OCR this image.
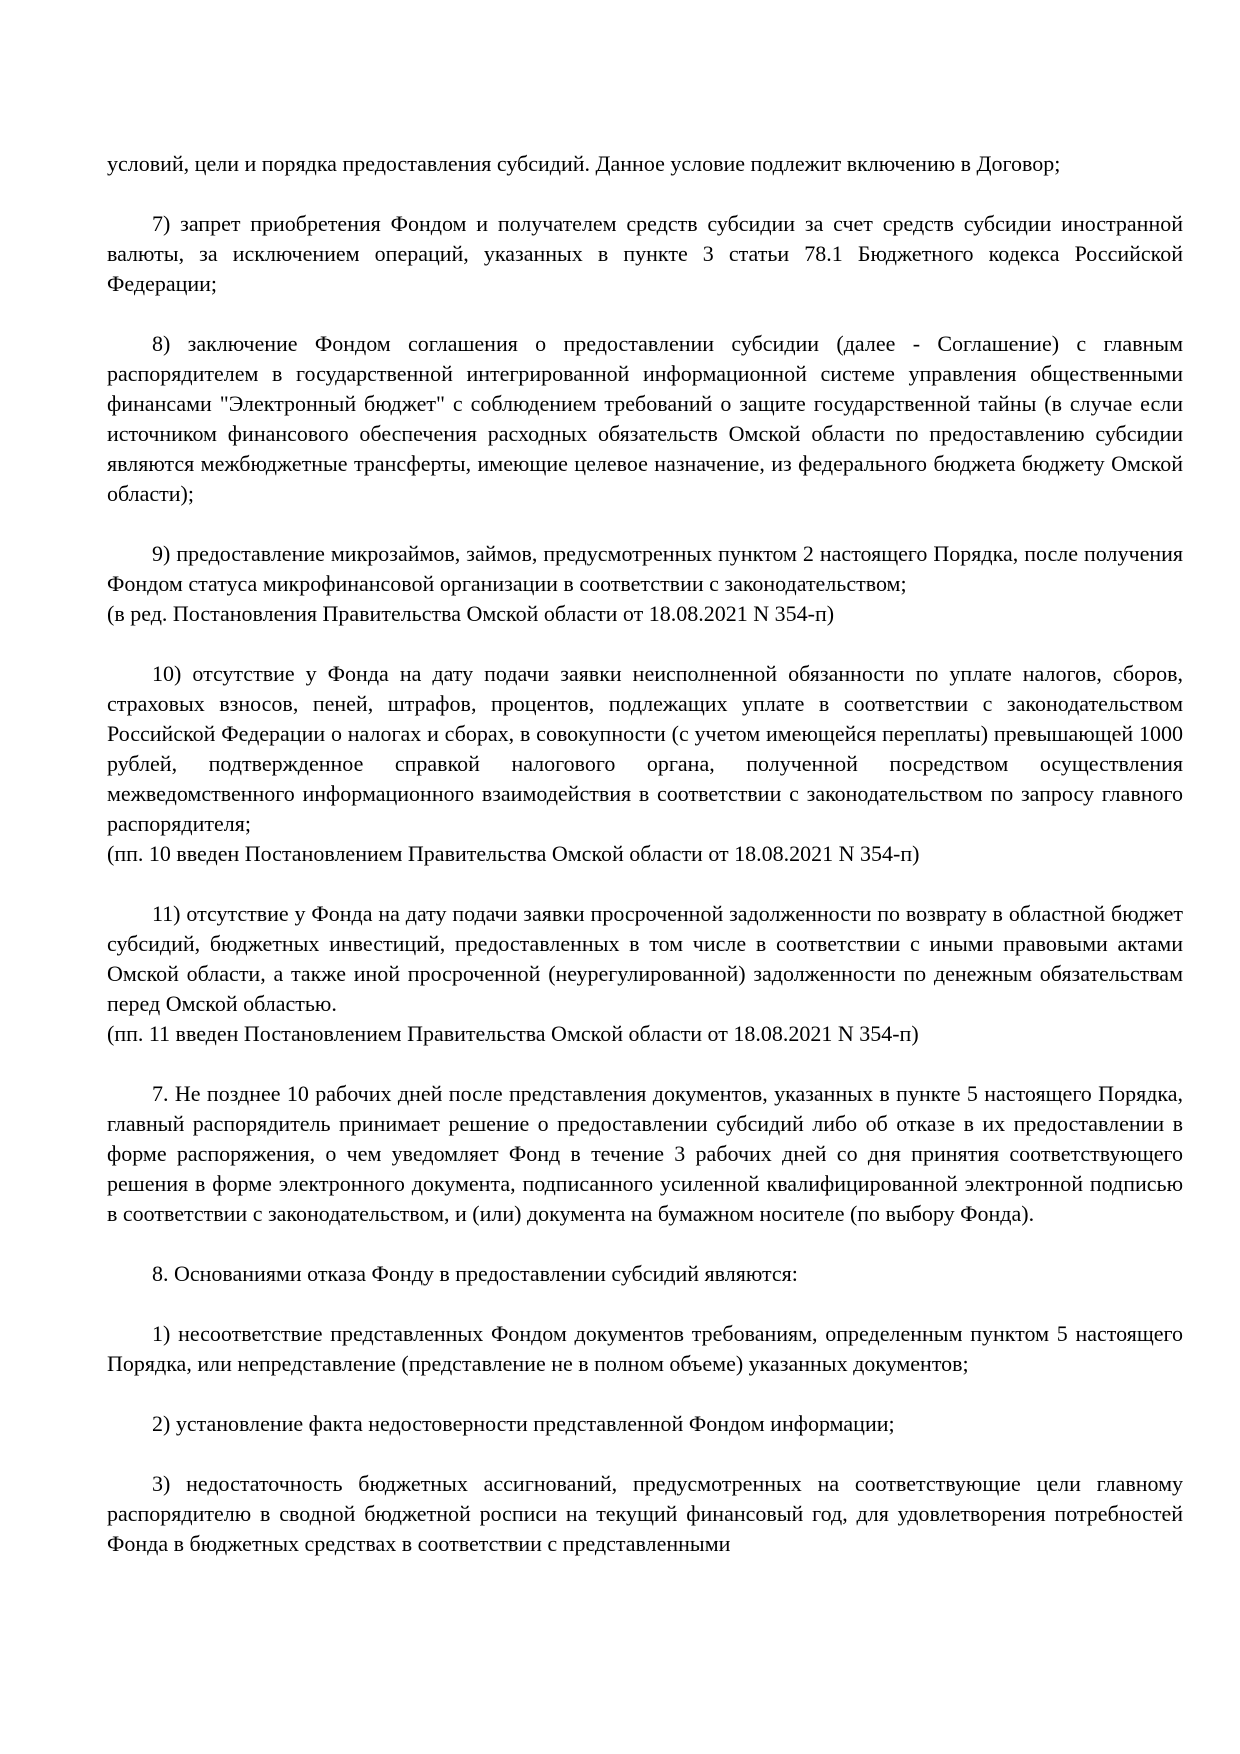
условий, цели и порядка предоставления субсидий. Данное условие подлежит включению в Договор;

7) запрет приобретения Фондом и получателем средств субсидии за счет средств субсидии иностранной валюты, за исключением операций, указанных в пункте 3 статьи 78.1 Бюджетного кодекса Российской Федерации;

8) заключение Фондом соглашения о предоставлении субсидии (далее - Соглашение) с главным распорядителем в государственной интегрированной информационной системе управления общественными финансами "Электронный бюджет" с соблюдением требований о защите государственной тайны (в случае если источником финансового обеспечения расходных обязательств Омской области по предоставлению субсидии являются межбюджетные трансферты, имеющие целевое назначение, из федерального бюджета бюджету Омской области);

9) предоставление микрозаймов, займов, предусмотренных пунктом 2 настоящего Порядка, после получения Фондом статуса микрофинансовой организации в соответствии с законодательством;

(в ред. Постановления Правительства Омской области от 18.08.2021 N 354-п)

10) отсутствие у Фонда на дату подачи заявки неисполненной обязанности по уплате налогов, сборов, страховых взносов, пеней, штрафов, процентов, подлежащих уплате в соответствии с законодательством Российской Федерации о налогах и сборах, в совокупности (с учетом имеющейся переплаты) превышающей 1000 рублей, подтвержденное справкой налогового органа, полученной посредством осуществления межведомственного информационного взаимодействия в соответствии с законодательством по запросу главного распорядителя;

(пп. 10 введен Постановлением Правительства Омской области от 18.08.2021 N 354-п)

11) отсутствие у Фонда на дату подачи заявки просроченной задолженности по возврату в областной бюджет субсидий, бюджетных инвестиций, предоставленных в том числе в соответствии с иными правовыми актами Омской области, а также иной просроченной (неурегулированной) задолженности по денежным обязательствам перед Омской областью.

(пп. 11 введен Постановлением Правительства Омской области от 18.08.2021 N 354-п)

7. Не позднее 10 рабочих дней после представления документов, указанных в пункте 5 настоящего Порядка, главный распорядитель принимает решение о предоставлении субсидий либо об отказе в их предоставлении в форме распоряжения, о чем уведомляет Фонд в течение 3 рабочих дней со дня принятия соответствующего решения в форме электронного документа, подписанного усиленной квалифицированной электронной подписью в соответствии с законодательством, и (или) документа на бумажном носителе (по выбору Фонда).

8. Основаниями отказа Фонду в предоставлении субсидий являются:

1) несоответствие представленных Фондом документов требованиям, определенным пунктом 5 настоящего Порядка, или непредставление (представление не в полном объеме) указанных документов;

2) установление факта недостоверности представленной Фондом информации;

3) недостаточность бюджетных ассигнований, предусмотренных на соответствующие цели главному распорядителю в сводной бюджетной росписи на текущий финансовый год, для удовлетворения потребностей Фонда в бюджетных средствах в соответствии с представленными
